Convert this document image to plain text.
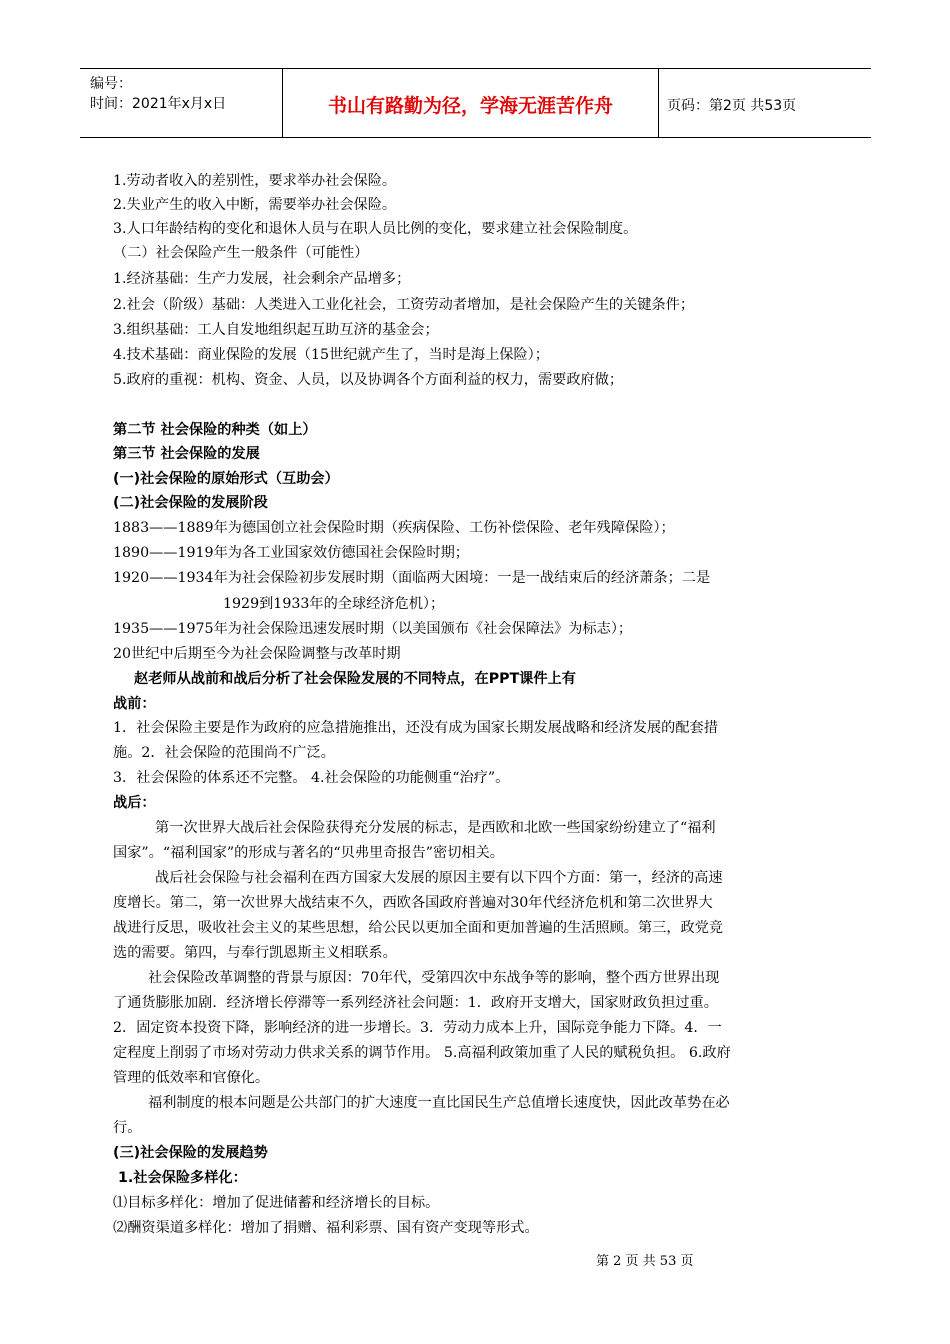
编号：
时间：2021年x月x日	书山有路勤为径，学海无涯苦作舟	页码：第2页 共53页
1.劳动者收入的差别性，要求举办社会保险。
2.失业产生的收入中断，需要举办社会保险。
3.人口年龄结构的变化和退休人员与在职人员比例的变化，要求建立社会保险制度。
（二）社会保险产生一般条件（可能性）
1.经济基础：生产力发展，社会剩余产品增多；
2.社会（阶级）基础：人类进入工业化社会，工资劳动者增加，是社会保险产生的关键条件；
3.组织基础：工人自发地组织起互助互济的基金会；
4.技术基础：商业保险的发展（15世纪就产生了，当时是海上保险）；
5.政府的重视：机构、资金、人员，以及协调各个方面利益的权力，需要政府做；
第二节 社会保险的种类（如上）
第三节 社会保险的发展
(一)社会保险的原始形式（互助会）
(二)社会保险的发展阶段
1883——1889年为德国创立社会保险时期（疾病保险、工伤补偿保险、老年残障保险）；
1890——1919年为各工业国家效仿德国社会保险时期；
1920——1934年为社会保险初步发展时期（面临两大困境：一是一战结束后的经济萧条；二是
1929到1933年的全球经济危机）；
1935——1975年为社会保险迅速发展时期（以美国颁布《社会保障法》为标志）；
20世纪中后期至今为社会保险调整与改革时期
赵老师从战前和战后分析了社会保险发展的不同特点，在PPT课件上有
战前：
1．社会保险主要是作为政府的应急措施推出，还没有成为国家长期发展战略和经济发展的配套措
施。2．社会保险的范围尚不广泛。
3．社会保险的体系还不完整。 4.社会保险的功能侧重“治疗”。
战后：
第一次世界大战后社会保险获得充分发展的标志，是西欧和北欧一些国家纷纷建立了“福利
国家”。“福利国家”的形成与著名的“贝弗里奇报告”密切相关。
战后社会保险与社会福利在西方国家大发展的原因主要有以下四个方面：第一，经济的高速
度增长。第二，第一次世界大战结束不久，西欧各国政府普遍对30年代经济危机和第二次世界大
战进行反思，吸收社会主义的某些思想，给公民以更加全面和更加普遍的生活照顾。第三，政党竞
选的需要。第四，与奉行凯恩斯主义相联系。
社会保险改革调整的背景与原因：70年代，受第四次中东战争等的影响，整个西方世界出现
了通货膨胀加剧．经济增长停滞等一系列经济社会问题：1．政府开支增大，国家财政负担过重。
2．固定资本投资下降，影响经济的进一步增长。3．劳动力成本上升，国际竞争能力下降。4．一
定程度上削弱了市场对劳动力供求关系的调节作用。 5.高福利政策加重了人民的赋税负担。 6.政府
管理的低效率和官僚化。
福利制度的根本问题是公共部门的扩大速度一直比国民生产总值增长速度快，因此改革势在必
行。
(三)社会保险的发展趋势
1.社会保险多样化：
⑴目标多样化：增加了促进储蓄和经济增长的目标。
⑵酬资渠道多样化：增加了捐赠、福利彩票、国有资产变现等形式。
第 2 页 共 53 页
